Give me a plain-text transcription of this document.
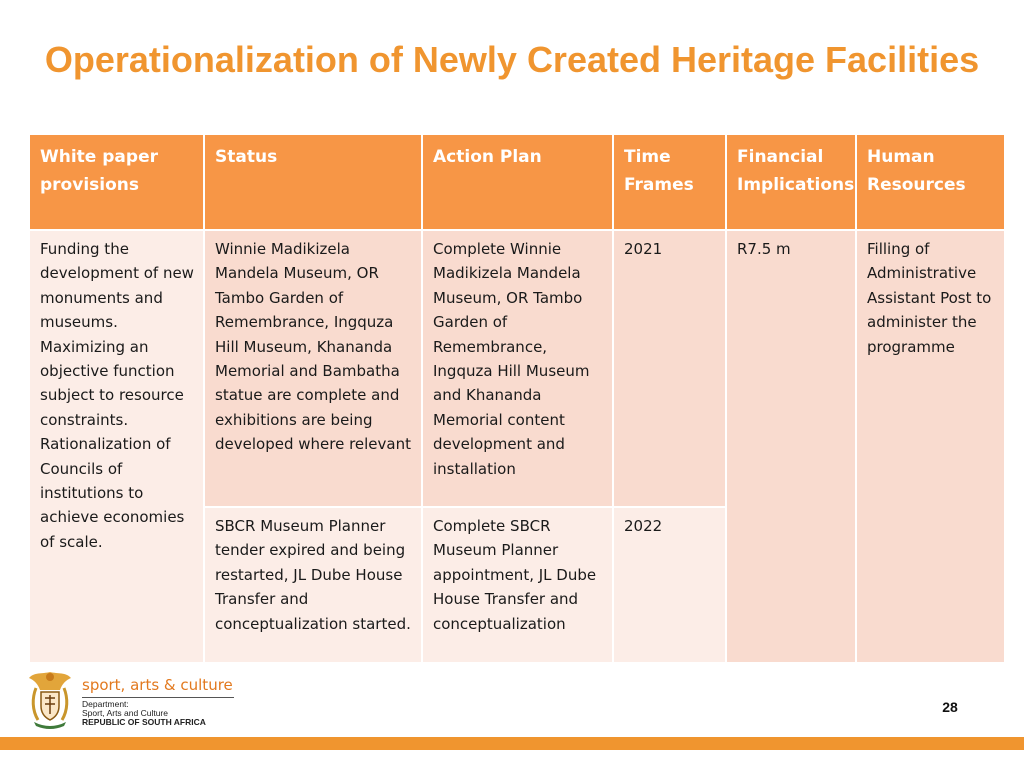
Operationalization of Newly Created Heritage Facilities
White paper provisions	Status	Action Plan	Time Frames	Financial Implications	Human Resources
Funding the development of new monuments and museums. Maximizing an objective function subject to resource constraints. Rationalization of Councils of institutions to achieve economies of scale.	Winnie Madikizela Mandela Museum, OR Tambo Garden of Remembrance, Ingquza Hill Museum, Khananda Memorial and Bambatha statue are complete and exhibitions are being developed where relevant	Complete Winnie Madikizela Mandela Museum, OR Tambo Garden of Remembrance, Ingquza Hill Museum and Khananda Memorial content development and installation	2021	R7.5 m	Filling of Administrative Assistant Post to administer the programme
	SBCR Museum Planner tender expired and being restarted, JL Dube House Transfer and conceptualization started.	Complete SBCR Museum Planner appointment, JL Dube House Transfer and conceptualization	2022		
sport, arts & culture
Department:
Sport, Arts and Culture
REPUBLIC OF SOUTH AFRICA
28
